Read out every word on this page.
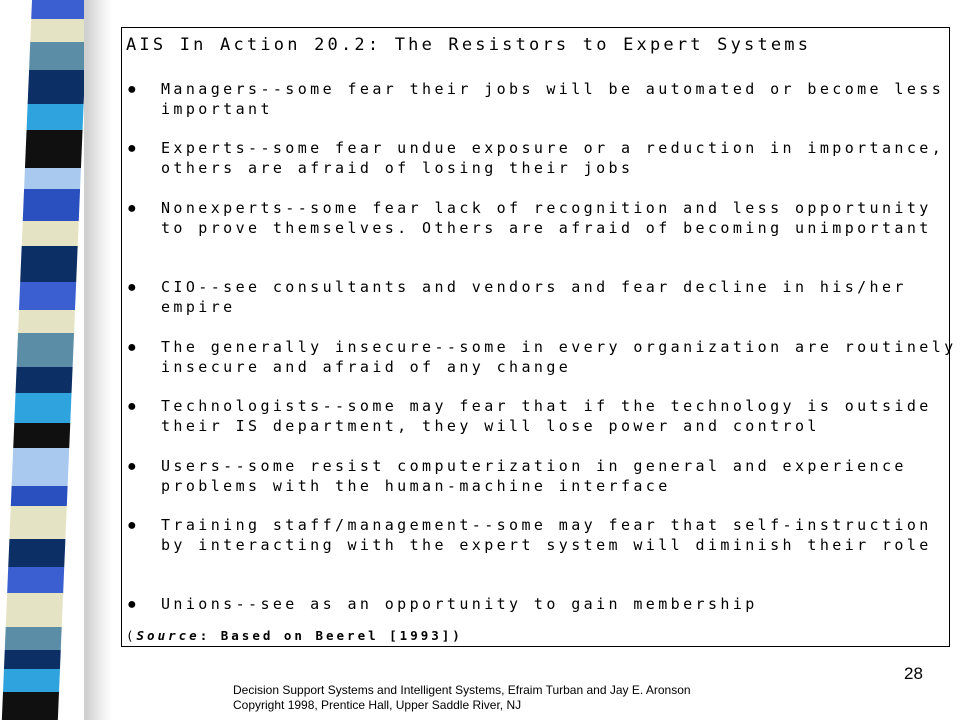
AIS In Action 20.2: The Resistors to Expert Systems
● Managers--some fear their jobs will be automated or become less important
● Experts--some fear undue exposure or a reduction in importance, others are afraid of losing their jobs
● Nonexperts--some fear lack of recognition and less opportunity to prove themselves. Others are afraid of becoming unimportant
● CIO--see consultants and vendors and fear decline in his/her empire
● The generally insecure--some in every organization are routinely insecure and afraid of any change
● Technologists--some may fear that if the technology is outside their IS department, they will lose power and control
● Users--some resist computerization in general and experience problems with the human-machine interface
● Training staff/management--some may fear that self-instruction by interacting with the expert system will diminish their role
● Unions--see as an opportunity to gain membership
(Source: Based on Beerel [1993])
28
Decision Support Systems and Intelligent Systems, Efraim Turban and Jay E. Aronson
Copyright 1998, Prentice Hall, Upper Saddle River, NJ
